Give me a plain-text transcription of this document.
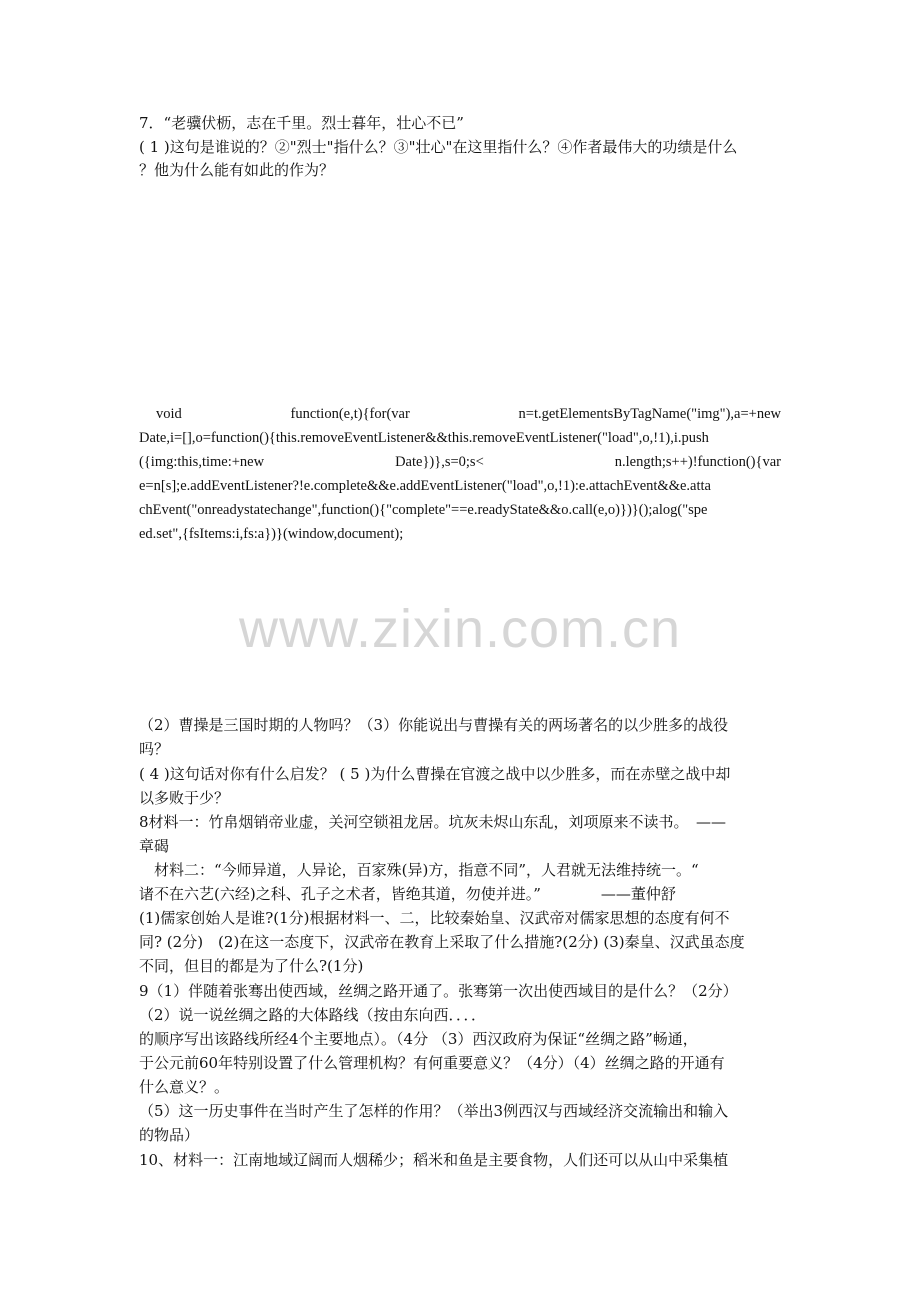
7．“老骥伏枥，志在千里。烈士暮年，壮心不已”
( 1 )这句是谁说的？②"烈士"指什么？③"壮心"在这里指什么？④作者最伟大的功绩是什么
？他为什么能有如此的作为？
void	function(e,t){for(var	n=t.getElementsByTagName("img"),a=+new
Date,i=[],o=function(){this.removeEventListener&&this.removeEventListener("load",o,!1),i.push
({img:this,time:+new	Date})},s=0;s<	n.length;s++)!function(){var
e=n[s];e.addEventListener?!e.complete&&e.addEventListener("load",o,!1):e.attachEvent&&e.atta
chEvent("onreadystatechange",function(){"complete"==e.readyState&&o.call(e,o)})}();alog("spe
ed.set",{fsItems:i,fs:a})}(window,document);
www.zixin.com.cn
（2）曹操是三国时期的人物吗？（3）你能说出与曹操有关的两场著名的以少胜多的战役
吗？
( 4 )这句话对你有什么启发？ ( 5 )为什么曹操在官渡之战中以少胜多，而在赤壁之战中却
以多败于少？
8材料一：竹帛烟销帝业虚，关河空锁祖龙居。坑灰未烬山东乱，刘项原来不读书。　——
章碣
　材料二：“今师异道，人异论，百家殊(异)方，指意不同”，人君就无法维持统一。“
诸不在六艺(六经)之科、孔子之术者，皆绝其道，勿使并进。”　　　　——董仲舒
(1)儒家创始人是谁?(1分)根据材料一、二，比较秦始皇、汉武帝对儒家思想的态度有何不
同? (2分)　(2)在这一态度下，汉武帝在教育上采取了什么措施?(2分) (3)秦皇、汉武虽态度
不同，但目的都是为了什么?(1分)
9（1）伴随着张骞出使西域，丝绸之路开通了。张骞第一次出使西域目的是什么？（2分）
（2）说一说丝绸之路的大体路线（按由东向西．．．．
的顺序写出该路线所经4个主要地点）。（4分 （3）西汉政府为保证“丝绸之路”畅通，
于公元前60年特别设置了什么管理机构？有何重要意义？（4分）（4）丝绸之路的开通有
什么意义？。
（5）这一历史事件在当时产生了怎样的作用？（举出3例西汉与西域经济交流输出和输入
的物品）
10、材料一：江南地域辽阔而人烟稀少；稻米和鱼是主要食物，人们还可以从山中采集植
